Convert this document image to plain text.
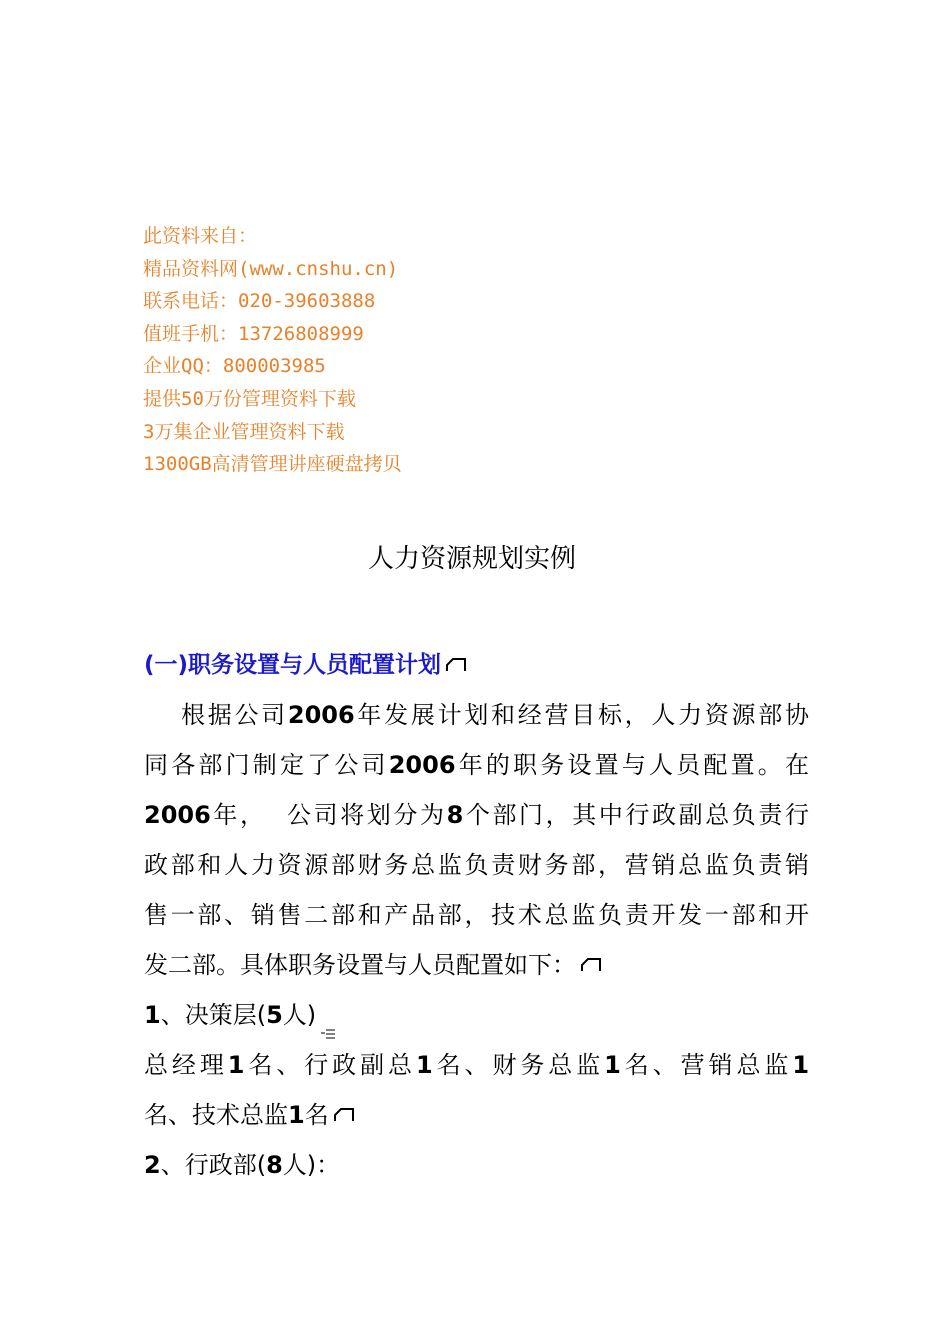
此资料来自：
精品资料网(www.cnshu.cn)
联系电话：020-39603888
值班手机：13726808999
企业QQ：800003985
提供50万份管理资料下载
3万集企业管理资料下载
1300GB高清管理讲座硬盘拷贝
人力资源规划实例
(一)职务设置与人员配置计划
根据公司2006年发展计划和经营目标，人力资源部协
同各部门制定了公司2006年的职务设置与人员配置。在
2006年，  公司将划分为8个部门，其中行政副总负责行
政部和人力资源部财务总监负责财务部，营销总监负责销
售一部、销售二部和产品部，技术总监负责开发一部和开
发二部。具体职务设置与人员配置如下：
1、决策层(5人)
总经理1名、行政副总1名、财务总监1名、营销总监1
名、技术总监1名
2、行政部(8人)：
